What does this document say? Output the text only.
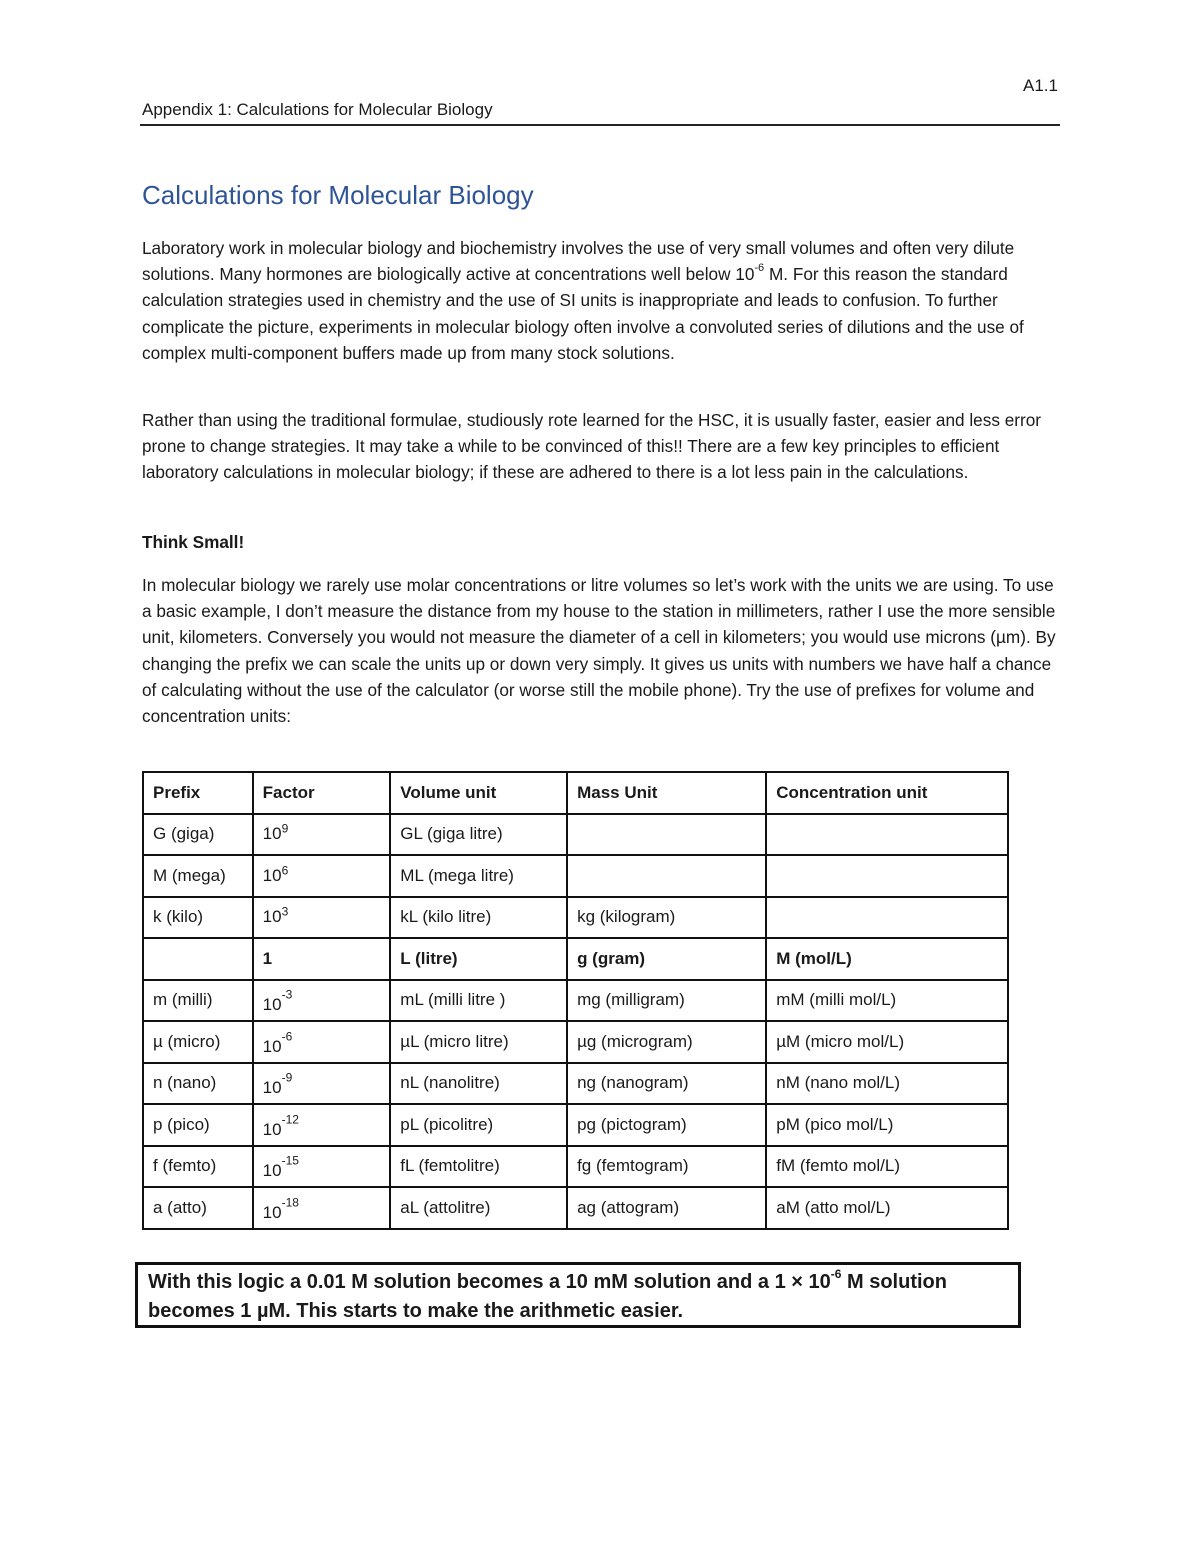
A1.1
Appendix 1: Calculations for Molecular Biology
Calculations for Molecular Biology

Laboratory work in molecular biology and biochemistry involves the use of very small volumes and often very dilute solutions. Many hormones are biologically active at concentrations well below $10^{-6}$ M. For this reason the standard calculation strategies used in chemistry and the use of SI units is inappropriate and leads to confusion. To further complicate the picture, experiments in molecular biology often involve a convoluted series of dilutions and the use of complex multi-component buffers made up from many stock solutions.

Rather than using the traditional formulae, studiously rote learned for the HSC, it is usually faster, easier and less error prone to change strategies. It may take a while to be convinced of this!! There are a few key principles to efficient laboratory calculations in molecular biology; if these are adhered to there is a lot less pain in the calculations.

Think Small!

In molecular biology we rarely use molar concentrations or litre volumes so let’s work with the units we are using. To use a basic example, I don’t measure the distance from my house to the station in millimeters, rather I use the more sensible unit, kilometers. Conversely you would not measure the diameter of a cell in kilometers; you would use microns (µm). By changing the prefix we can scale the units up or down very simply. It gives us units with numbers we have half a chance of calculating without the use of the calculator (or worse still the mobile phone). Try the use of prefixes for volume and concentration units:

Prefix	Factor	Volume unit	Mass Unit	Concentration unit
G (giga)	$10^9$	GL (giga litre)		
M (mega)	$10^6$	ML (mega litre)		
k (kilo)	$10^3$	kL (kilo litre)	kg (kilogram)	
	1	L (litre)	g (gram)	M (mol/L)
m (milli)	$10^{-3}$	mL (milli litre )	mg (milligram)	mM (milli mol/L)
µ (micro)	$10^{-6}$	µL (micro litre)	µg (microgram)	µM (micro mol/L)
n (nano)	$10^{-9}$	nL (nanolitre)	ng (nanogram)	nM (nano mol/L)
p (pico)	$10^{-12}$	pL (picolitre)	pg (pictogram)	pM (pico mol/L)
f (femto)	$10^{-15}$	fL (femtolitre)	fg (femtogram)	fM (femto mol/L)
a (atto)	$10^{-18}$	aL (attolitre)	ag (attogram)	aM (atto mol/L)
With this logic a 0.01 M solution becomes a 10 mM solution and a $1 \times 10^{-6}$ M solution becomes 1 µM. This starts to make the arithmetic easier.
